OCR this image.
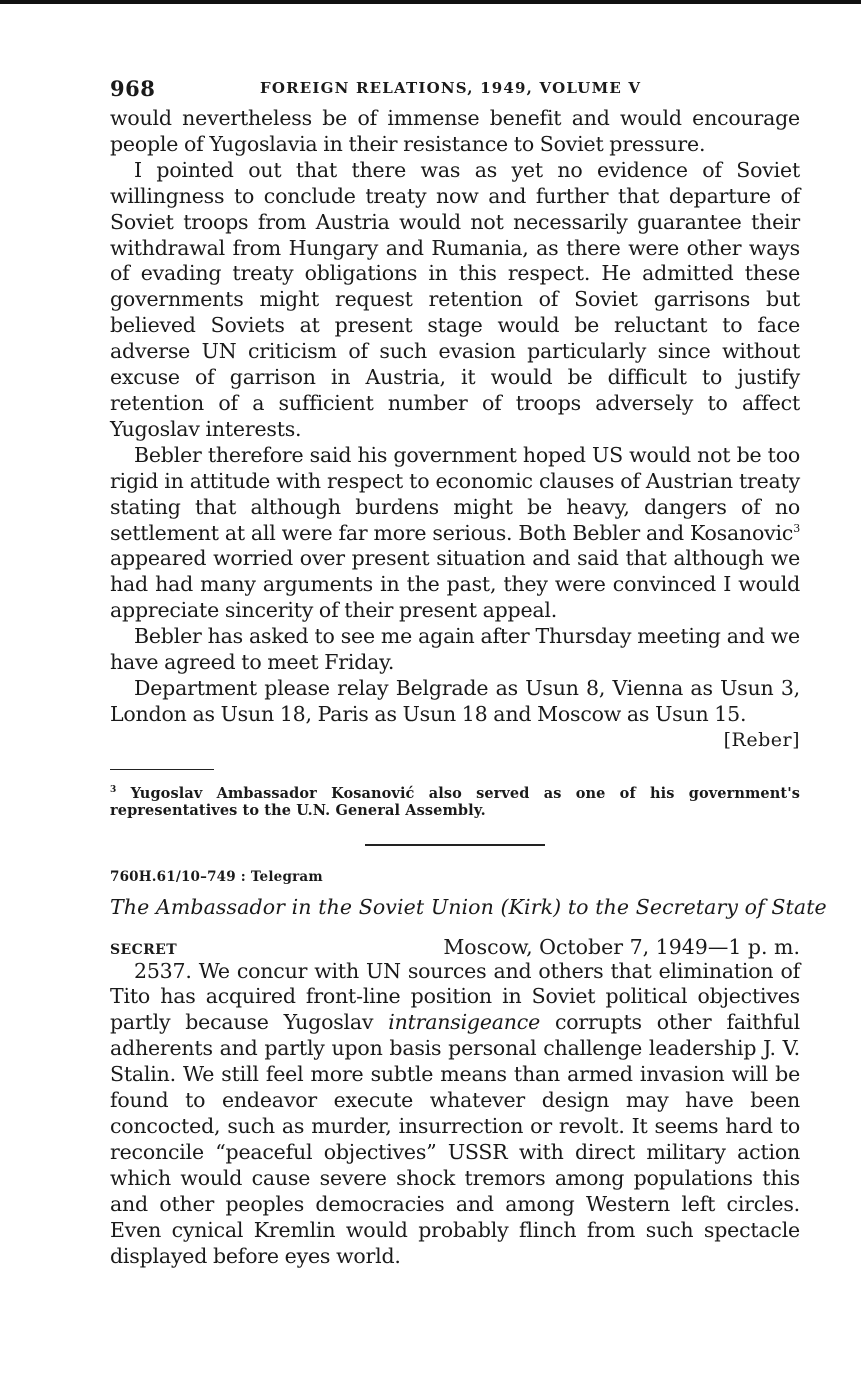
968	FOREIGN RELATIONS, 1949, VOLUME V

would nevertheless be of immense benefit and would encourage people of Yugoslavia in their resistance to Soviet pressure.

I pointed out that there was as yet no evidence of Soviet willingness to conclude treaty now and further that departure of Soviet troops from Austria would not necessarily guarantee their withdrawal from Hungary and Rumania, as there were other ways of evading treaty obligations in this respect. He admitted these governments might request retention of Soviet garrisons but believed Soviets at present stage would be reluctant to face adverse UN criticism of such evasion particularly since without excuse of garrison in Austria, it would be difficult to justify retention of a sufficient number of troops adversely to affect Yugoslav interests.

Bebler therefore said his government hoped US would not be too rigid in attitude with respect to economic clauses of Austrian treaty stating that although burdens might be heavy, dangers of no settlement at all were far more serious. Both Bebler and Kosanovic$^3$ appeared worried over present situation and said that although we had had many arguments in the past, they were convinced I would appreciate sincerity of their present appeal.

Bebler has asked to see me again after Thursday meeting and we have agreed to meet Friday.

Department please relay Belgrade as Usun 8, Vienna as Usun 3, London as Usun 18, Paris as Usun 18 and Moscow as Usun 15.

[Reber]
$^3$ Yugoslav Ambassador Kosanović also served as one of his government's representatives to the U.N. General Assembly.
760H.61/10–749 : Telegram
The Ambassador in the Soviet Union (Kirk) to the Secretary of State
SECRET	Moscow, October 7, 1949—1 p. m.

2537. We concur with UN sources and others that elimination of Tito has acquired front-line position in Soviet political objectives partly because Yugoslav intransigeance corrupts other faithful adherents and partly upon basis personal challenge leadership J. V. Stalin. We still feel more subtle means than armed invasion will be found to endeavor execute whatever design may have been concocted, such as murder, insurrection or revolt. It seems hard to reconcile “peaceful objectives” USSR with direct military action which would cause severe shock tremors among populations this and other peoples democracies and among Western left circles. Even cynical Kremlin would probably flinch from such spectacle displayed before eyes world.
